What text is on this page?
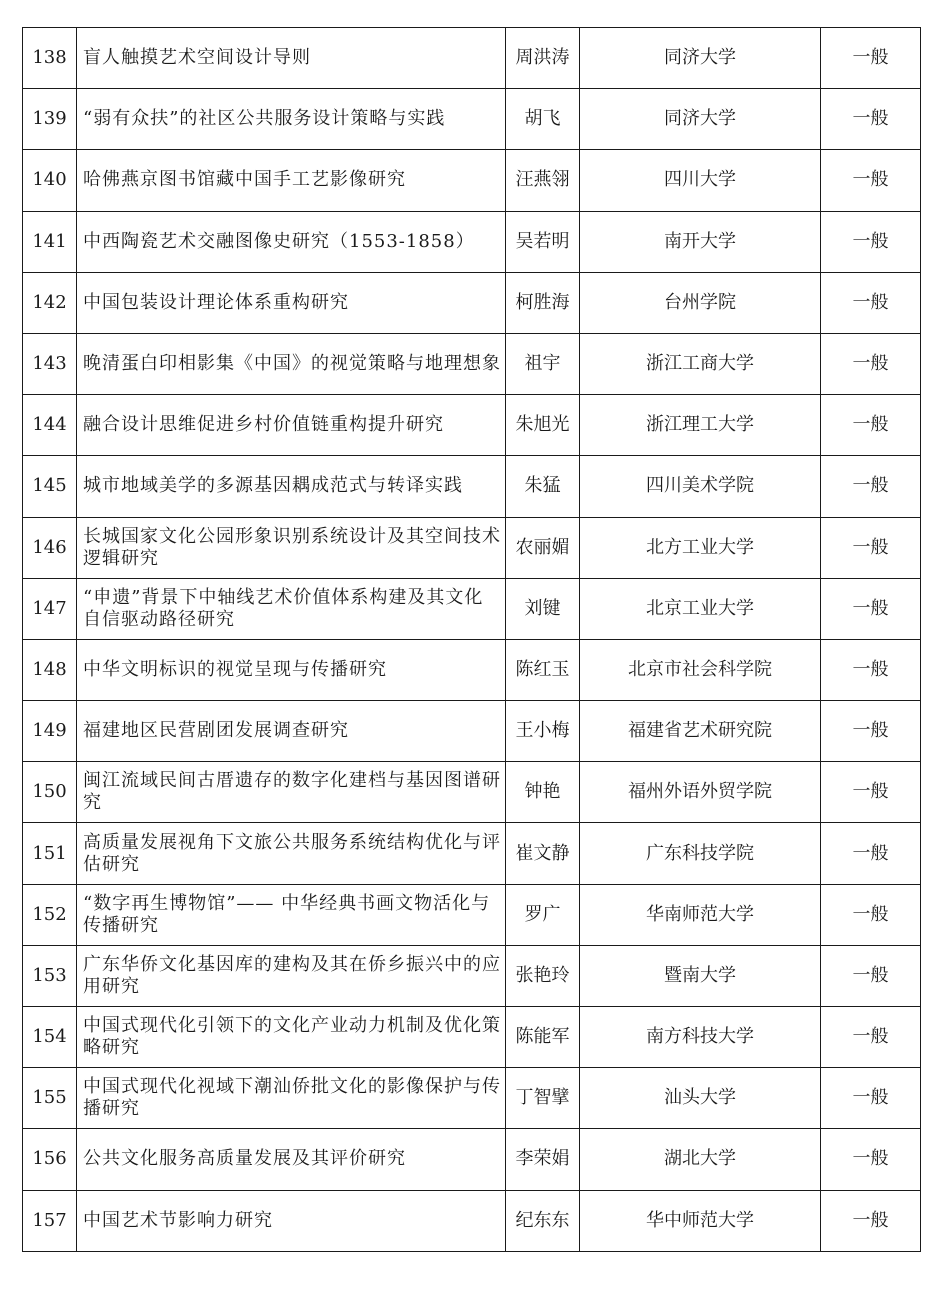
138	盲人触摸艺术空间设计导则	周洪涛	同济大学	一般

139	“弱有众扶”的社区公共服务设计策略与实践	胡飞	同济大学	一般

140	哈佛燕京图书馆藏中国手工艺影像研究	汪燕翎	四川大学	一般

141	中西陶瓷艺术交融图像史研究（1553-1858）	吴若明	南开大学	一般

142	中国包装设计理论体系重构研究	柯胜海	台州学院	一般

143	晚清蛋白印相影集《中国》的视觉策略与地理想象	祖宇	浙江工商大学	一般

144	融合设计思维促进乡村价值链重构提升研究	朱旭光	浙江理工大学	一般

145	城市地域美学的多源基因耦成范式与转译实践	朱猛	四川美术学院	一般

146	长城国家文化公园形象识别系统设计及其空间技术逻辑研究	农丽媚	北方工业大学	一般

147	“申遗”背景下中轴线艺术价值体系构建及其文化自信驱动路径研究	刘键	北京工业大学	一般

148	中华文明标识的视觉呈现与传播研究	陈红玉	北京市社会科学院	一般

149	福建地区民营剧团发展调查研究	王小梅	福建省艺术研究院	一般

150	闽江流域民间古厝遗存的数字化建档与基因图谱研究	钟艳	福州外语外贸学院	一般

151	高质量发展视角下文旅公共服务系统结构优化与评估研究	崔文静	广东科技学院	一般

152	“数字再生博物馆”—— 中华经典书画文物活化与传播研究	罗广	华南师范大学	一般

153	广东华侨文化基因库的建构及其在侨乡振兴中的应用研究	张艳玲	暨南大学	一般

154	中国式现代化引领下的文化产业动力机制及优化策略研究	陈能军	南方科技大学	一般

155	中国式现代化视域下潮汕侨批文化的影像保护与传播研究	丁智擘	汕头大学	一般

156	公共文化服务高质量发展及其评价研究	李荣娟	湖北大学	一般

157	中国艺术节影响力研究	纪东东	华中师范大学	一般
